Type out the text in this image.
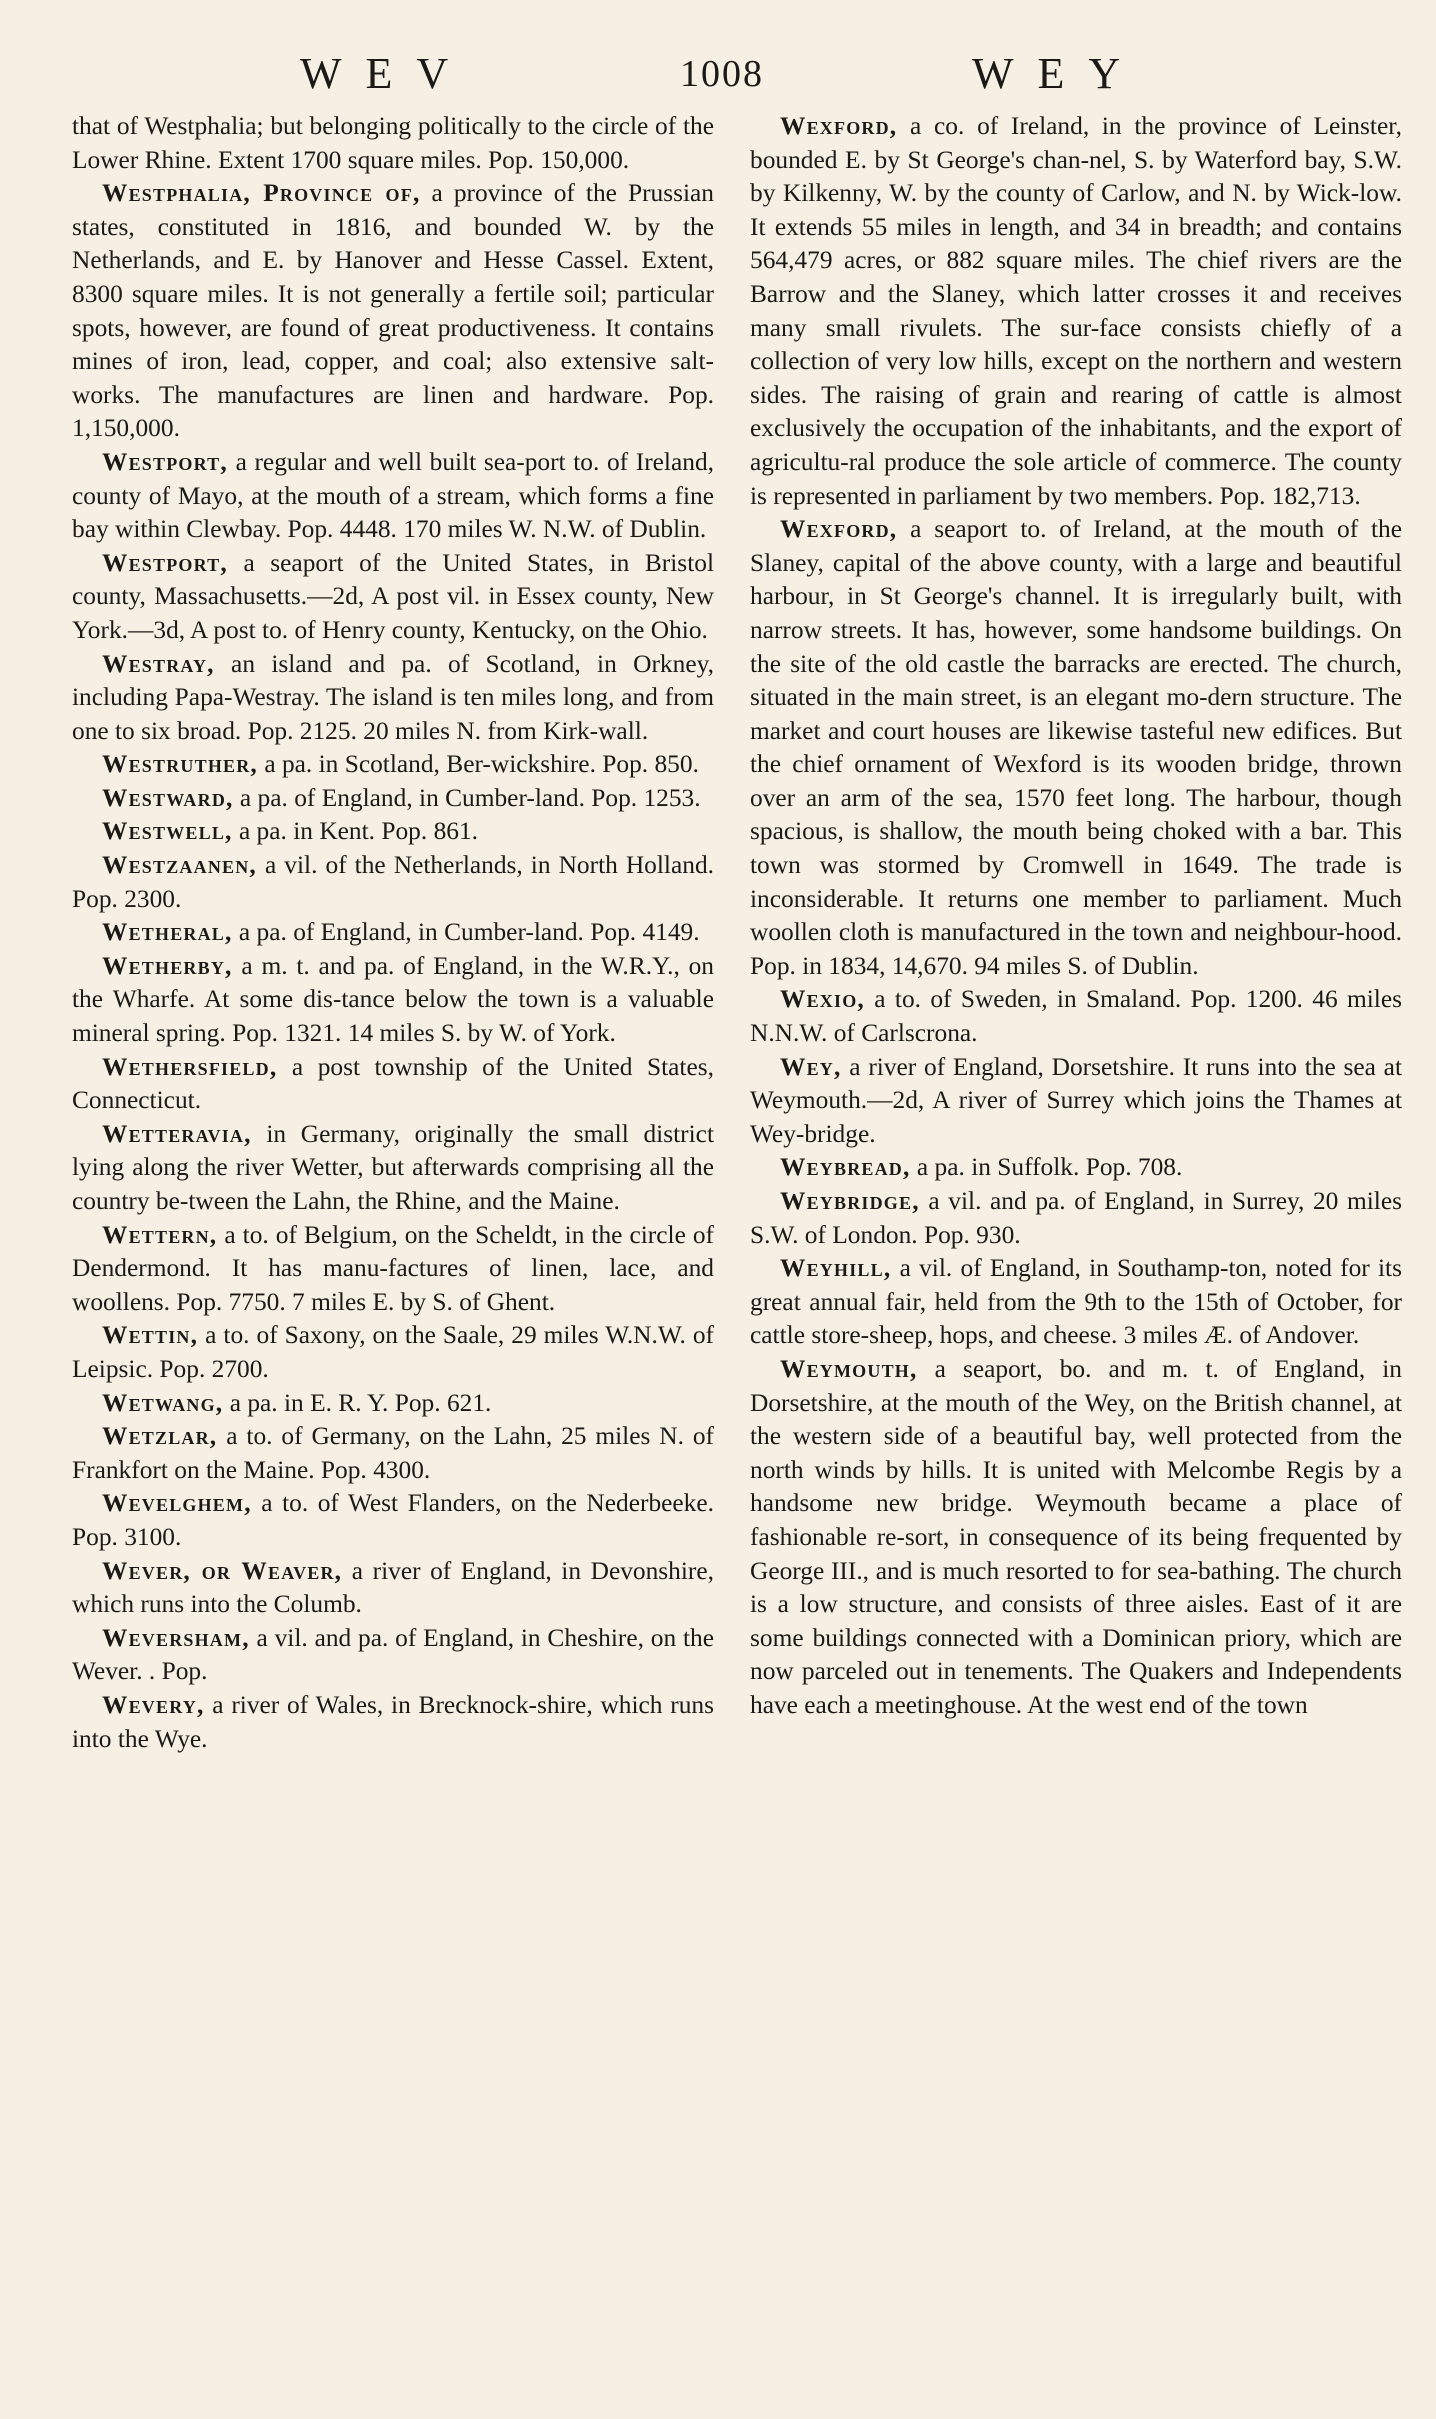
WEV	1008	WEY

that of Westphalia; but belonging politically to the circle of the Lower Rhine. Extent 1700 square miles. Pop. 150,000.

Westphalia, Province of, a province of the Prussian states, constituted in 1816, and bounded W. by the Netherlands, and E. by Hanover and Hesse Cassel. Extent, 8300 square miles. It is not generally a fertile soil; particular spots, however, are found of great productiveness. It contains mines of iron, lead, copper, and coal; also extensive salt-works. The manufactures are linen and hardware. Pop. 1,150,000.

Westport, a regular and well built sea-port to. of Ireland, county of Mayo, at the mouth of a stream, which forms a fine bay within Clewbay. Pop. 4448. 170 miles W. N.W. of Dublin.

Westport, a seaport of the United States, in Bristol county, Massachusetts.—2d, A post vil. in Essex county, New York.—3d, A post to. of Henry county, Kentucky, on the Ohio.

Westray, an island and pa. of Scotland, in Orkney, including Papa-Westray. The island is ten miles long, and from one to six broad. Pop. 2125. 20 miles N. from Kirk-wall.

Westruther, a pa. in Scotland, Ber-wickshire. Pop. 850.

Westward, a pa. of England, in Cumber-land. Pop. 1253.

Westwell, a pa. in Kent. Pop. 861.

Westzaanen, a vil. of the Netherlands, in North Holland. Pop. 2300.

Wetheral, a pa. of England, in Cumber-land. Pop. 4149.

Wetherby, a m. t. and pa. of England, in the W.R.Y., on the Wharfe. At some dis-tance below the town is a valuable mineral spring. Pop. 1321. 14 miles S. by W. of York.

Wethersfield, a post township of the United States, Connecticut.

Wetteravia, in Germany, originally the small district lying along the river Wetter, but afterwards comprising all the country be-tween the Lahn, the Rhine, and the Maine.

Wettern, a to. of Belgium, on the Scheldt, in the circle of Dendermond. It has manu-factures of linen, lace, and woollens. Pop. 7750. 7 miles E. by S. of Ghent.

Wettin, a to. of Saxony, on the Saale, 29 miles W.N.W. of Leipsic. Pop. 2700.

Wetwang, a pa. in E. R. Y. Pop. 621.

Wetzlar, a to. of Germany, on the Lahn, 25 miles N. of Frankfort on the Maine. Pop. 4300.

Wevelghem, a to. of West Flanders, on the Nederbeeke. Pop. 3100.

Wever, or Weaver, a river of England, in Devonshire, which runs into the Columb.

Wevershaм, a vil. and pa. of England, in Cheshire, on the Wever. . Pop.

Wevery, a river of Wales, in Brecknock-shire, which runs into the Wye.

Wexford, a co. of Ireland, in the province of Leinster, bounded E. by St George's chan-nel, S. by Waterford bay, S.W. by Kilkenny, W. by the county of Carlow, and N. by Wick-low. It extends 55 miles in length, and 34 in breadth; and contains 564,479 acres, or 882 square miles. The chief rivers are the Barrow and the Slaney, which latter crosses it and receives many small rivulets. The sur-face consists chiefly of a collection of very low hills, except on the northern and western sides. The raising of grain and rearing of cattle is almost exclusively the occupation of the inhabitants, and the export of agricultu-ral produce the sole article of commerce. The county is represented in parliament by two members. Pop. 182,713.

Wexford, a seaport to. of Ireland, at the mouth of the Slaney, capital of the above county, with a large and beautiful harbour, in St George's channel. It is irregularly built, with narrow streets. It has, however, some handsome buildings. On the site of the old castle the barracks are erected. The church, situated in the main street, is an elegant mo-dern structure. The market and court houses are likewise tasteful new edifices. But the chief ornament of Wexford is its wooden bridge, thrown over an arm of the sea, 1570 feet long. The harbour, though spacious, is shallow, the mouth being choked with a bar. This town was stormed by Cromwell in 1649. The trade is inconsiderable. It returns one member to parliament. Much woollen cloth is manufactured in the town and neighbour-hood. Pop. in 1834, 14,670. 94 miles S. of Dublin.

Wexio, a to. of Sweden, in Smaland. Pop. 1200. 46 miles N.N.W. of Carlscrona.

Wey, a river of England, Dorsetshire. It runs into the sea at Weymouth.—2d, A river of Surrey which joins the Thames at Wey-bridge.

Weybread, a pa. in Suffolk. Pop. 708.

Weybridge, a vil. and pa. of England, in Surrey, 20 miles S.W. of London. Pop. 930.

Weyhill, a vil. of England, in Southamp-ton, noted for its great annual fair, held from the 9th to the 15th of October, for cattle store-sheep, hops, and cheese. 3 miles Æ. of Andover.

Weymouth, a seaport, bo. and m. t. of England, in Dorsetshire, at the mouth of the Wey, on the British channel, at the western side of a beautiful bay, well protected from the north winds by hills. It is united with Melcombe Regis by a handsome new bridge. Weymouth became a place of fashionable re-sort, in consequence of its being frequented by George III., and is much resorted to for sea-bathing. The church is a low structure, and consists of three aisles. East of it are some buildings connected with a Dominican priory, which are now parceled out in tenements. The Quakers and Independents have each a meetinghouse. At the west end of the town
